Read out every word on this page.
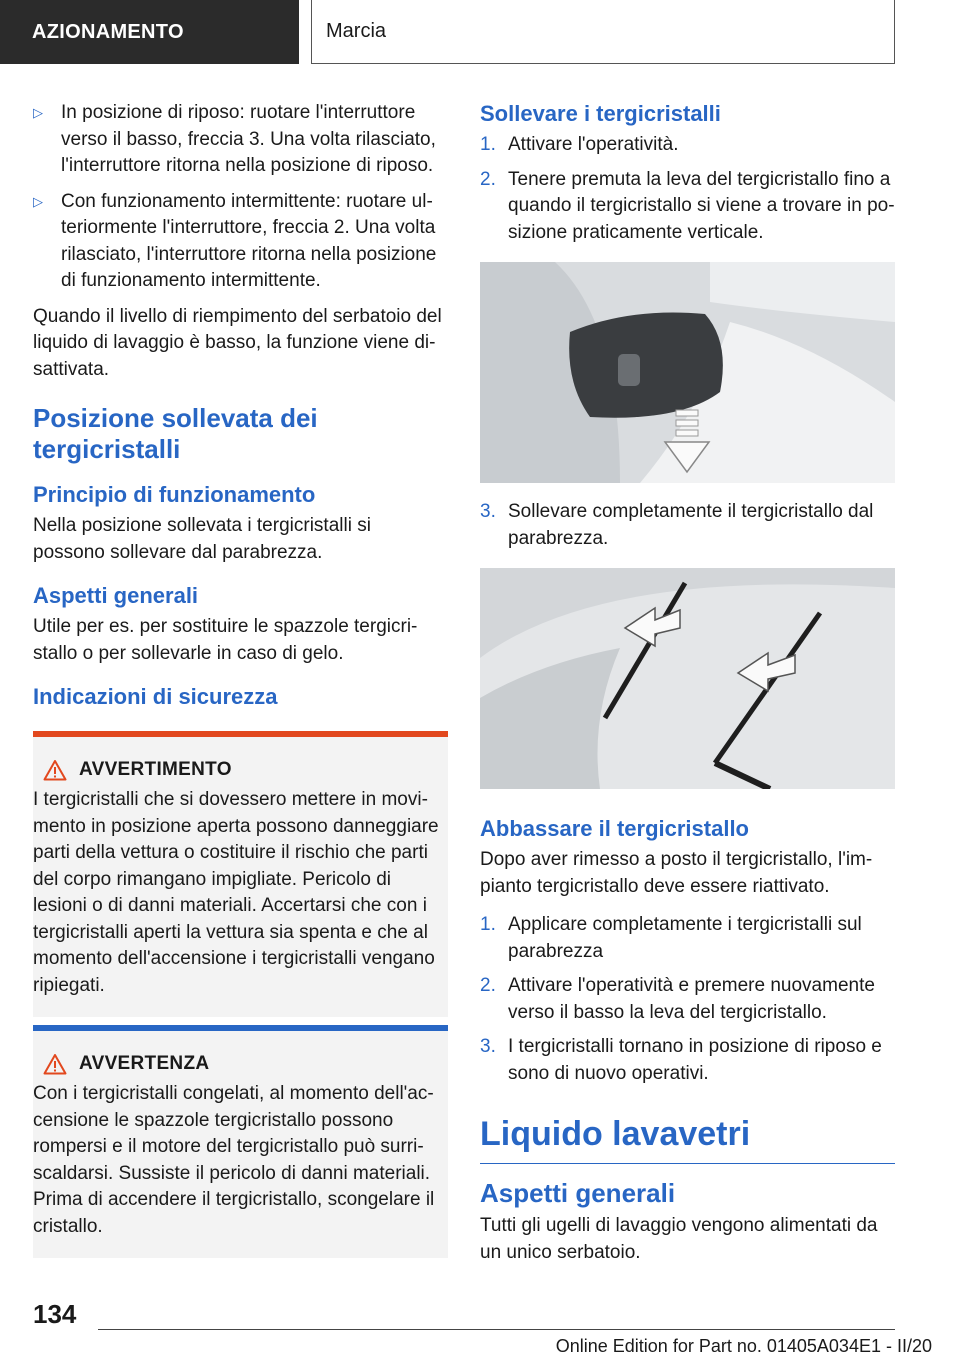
AZIONAMENTO	Marcia
▷ In posizione di riposo: ruotare l'interruttore verso il basso, freccia 3. Una volta rilasciato, l'interruttore ritorna nella posizione di riposo.
▷ Con funzionamento intermittente: ruotare ulteriormente l'interruttore, freccia 2. Una volta rilasciato, l'interruttore ritorna nella posizione di funzionamento intermittente.

Quando il livello di riempimento del serbatoio del liquido di lavaggio è basso, la funzione viene disattivata.

Posizione sollevata dei tergicristalli
Principio di funzionamento

Nella posizione sollevata i tergicristalli si possono sollevare dal parabrezza.

Aspetti generali

Utile per es. per sostituire le spazzole tergicristallo o per sollevarle in caso di gelo.

Indicazioni di sicurezza
AVVERTIMENTO

I tergicristalli che si dovessero mettere in movimento in posizione aperta possono danneggiare parti della vettura o costituire il rischio che parti del corpo rimangano impigliate. Pericolo di lesioni o di danni materiali. Accertarsi che con i tergicristalli aperti la vettura sia spenta e che al momento dell'accensione i tergicristalli vengano ripiegati.

AVVERTENZA

Con i tergicristalli congelati, al momento dell'accensione le spazzole tergicristallo possono rompersi e il motore del tergicristallo può surriscaldarsi. Sussiste il pericolo di danni materiali. Prima di accendere il tergicristallo, scongelare il cristallo.

Sollevare i tergicristalli
1. Attivare l'operatività.
2. Tenere premuta la leva del tergicristallo fino a quando il tergicristallo si viene a trovare in posizione praticamente verticale.
3. Sollevare completamente il tergicristallo dal parabrezza.
Abbassare il tergicristallo

Dopo aver rimesso a posto il tergicristallo, l'impianto tergicristallo deve essere riattivato.

1. Applicare completamente i tergicristalli sul parabrezza
2. Attivare l'operatività e premere nuovamente verso il basso la leva del tergicristallo.
3. I tergicristalli tornano in posizione di riposo e sono di nuovo operativi.
Liquido lavavetri
Aspetti generali

Tutti gli ugelli di lavaggio vengono alimentati da un unico serbatoio.

134
Online Edition for Part no. 01405A034E1 - II/20
